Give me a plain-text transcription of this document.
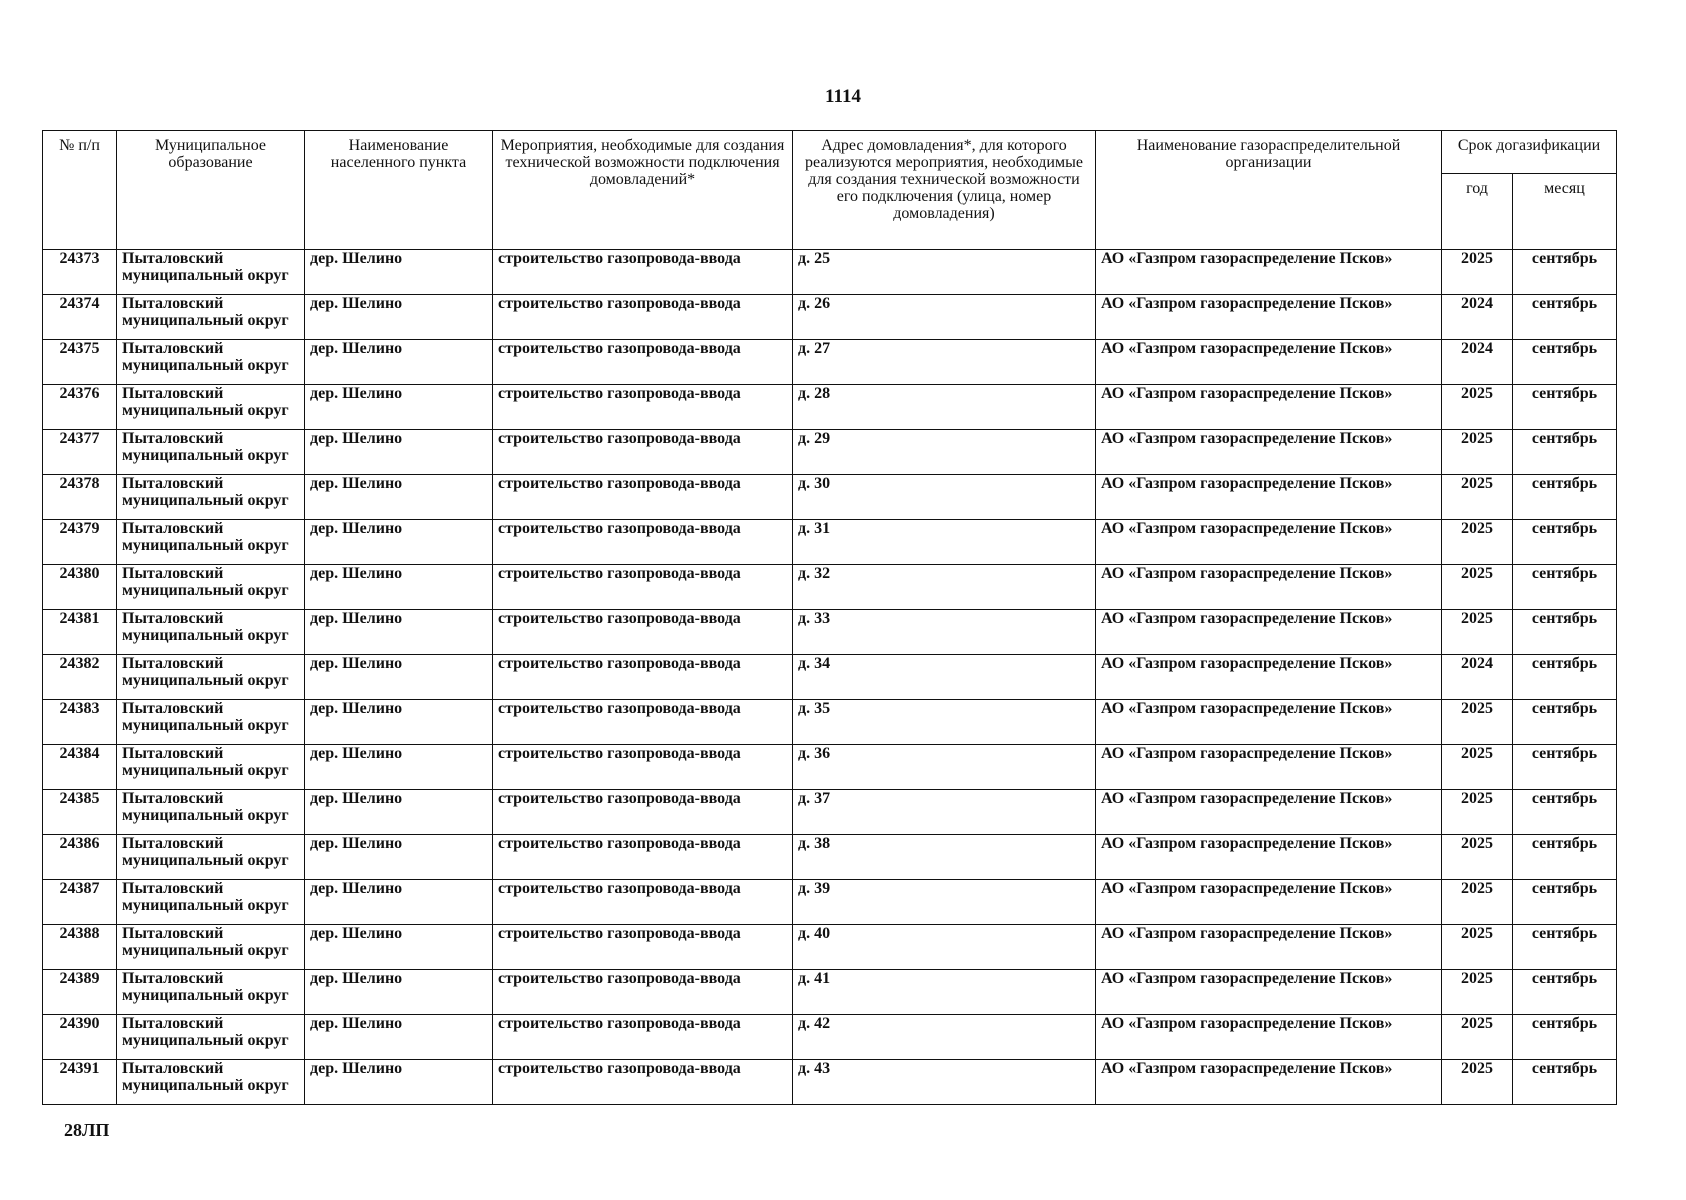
1114
№ п/п	Муниципальное образование	Наименование населенного пункта	Мероприятия, необходимые для создания технической возможности подключения домовладений*	Адрес домовладения*, для которого реализуются мероприятия, необходимые для создания технической возможности его подключения (улица, номер домовладения)	Наименование газораспределительной организации	Срок догазификации	
						год	месяц
24373	Пыталовский муниципальный округ	дер. Шелино	строительство газопровода-ввода	д. 25	АО «Газпром газораспределение Псков»	2025	сентябрь
24374	Пыталовский муниципальный округ	дер. Шелино	строительство газопровода-ввода	д. 26	АО «Газпром газораспределение Псков»	2024	сентябрь
24375	Пыталовский муниципальный округ	дер. Шелино	строительство газопровода-ввода	д. 27	АО «Газпром газораспределение Псков»	2024	сентябрь
24376	Пыталовский муниципальный округ	дер. Шелино	строительство газопровода-ввода	д. 28	АО «Газпром газораспределение Псков»	2025	сентябрь
24377	Пыталовский муниципальный округ	дер. Шелино	строительство газопровода-ввода	д. 29	АО «Газпром газораспределение Псков»	2025	сентябрь
24378	Пыталовский муниципальный округ	дер. Шелино	строительство газопровода-ввода	д. 30	АО «Газпром газораспределение Псков»	2025	сентябрь
24379	Пыталовский муниципальный округ	дер. Шелино	строительство газопровода-ввода	д. 31	АО «Газпром газораспределение Псков»	2025	сентябрь
24380	Пыталовский муниципальный округ	дер. Шелино	строительство газопровода-ввода	д. 32	АО «Газпром газораспределение Псков»	2025	сентябрь
24381	Пыталовский муниципальный округ	дер. Шелино	строительство газопровода-ввода	д. 33	АО «Газпром газораспределение Псков»	2025	сентябрь
24382	Пыталовский муниципальный округ	дер. Шелино	строительство газопровода-ввода	д. 34	АО «Газпром газораспределение Псков»	2024	сентябрь
24383	Пыталовский муниципальный округ	дер. Шелино	строительство газопровода-ввода	д. 35	АО «Газпром газораспределение Псков»	2025	сентябрь
24384	Пыталовский муниципальный округ	дер. Шелино	строительство газопровода-ввода	д. 36	АО «Газпром газораспределение Псков»	2025	сентябрь
24385	Пыталовский муниципальный округ	дер. Шелино	строительство газопровода-ввода	д. 37	АО «Газпром газораспределение Псков»	2025	сентябрь
24386	Пыталовский муниципальный округ	дер. Шелино	строительство газопровода-ввода	д. 38	АО «Газпром газораспределение Псков»	2025	сентябрь
24387	Пыталовский муниципальный округ	дер. Шелино	строительство газопровода-ввода	д. 39	АО «Газпром газораспределение Псков»	2025	сентябрь
24388	Пыталовский муниципальный округ	дер. Шелино	строительство газопровода-ввода	д. 40	АО «Газпром газораспределение Псков»	2025	сентябрь
24389	Пыталовский муниципальный округ	дер. Шелино	строительство газопровода-ввода	д. 41	АО «Газпром газораспределение Псков»	2025	сентябрь
24390	Пыталовский муниципальный округ	дер. Шелино	строительство газопровода-ввода	д. 42	АО «Газпром газораспределение Псков»	2025	сентябрь
24391	Пыталовский муниципальный округ	дер. Шелино	строительство газопровода-ввода	д. 43	АО «Газпром газораспределение Псков»	2025	сентябрь
28ЛП
